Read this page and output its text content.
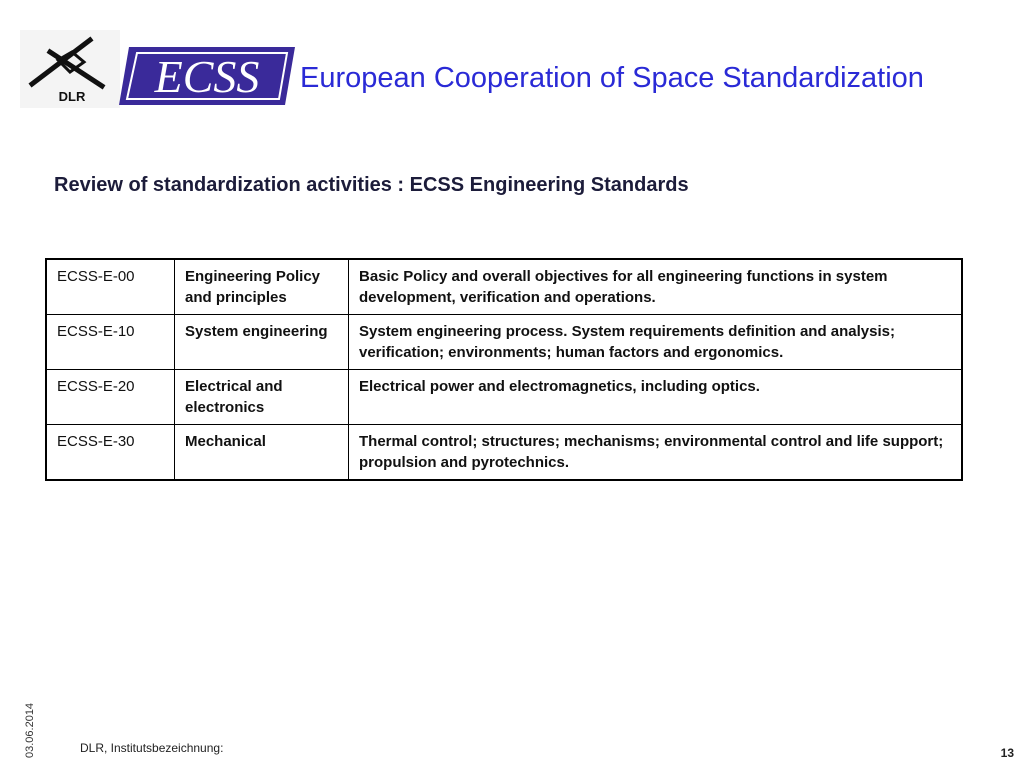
DLR ECSS European Cooperation of Space Standardization
Review of standardization activities : ECSS Engineering Standards
ECSS-E-00	Engineering Policy and principles	Basic Policy and overall objectives for all engineering functions in system development, verification and operations.
ECSS-E-10	System engineering	System engineering process. System requirements definition and analysis; verification; environments; human factors and ergonomics.
ECSS-E-20	Electrical and electronics	Electrical power and electromagnetics, including optics.
ECSS-E-30	Mechanical	Thermal control; structures; mechanisms; environmental control and life support; propulsion and pyrotechnics.
03.06.2014	DLR, Institutsbezeichnung:	13
